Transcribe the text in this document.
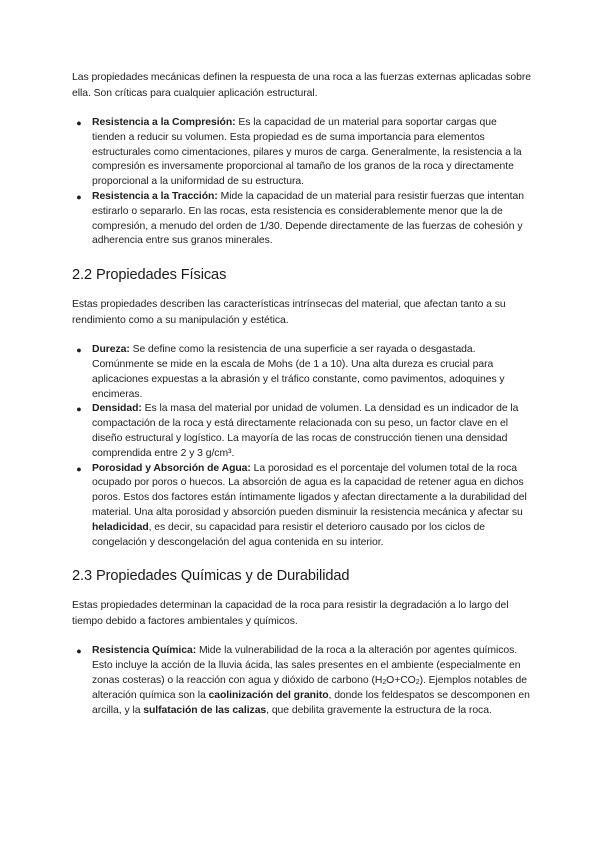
Las propiedades mecánicas definen la respuesta de una roca a las fuerzas externas aplicadas sobre ella. Son críticas para cualquier aplicación estructural.

● Resistencia a la Compresión: Es la capacidad de un material para soportar cargas que tienden a reducir su volumen. Esta propiedad es de suma importancia para elementos estructurales como cimentaciones, pilares y muros de carga. Generalmente, la resistencia a la compresión es inversamente proporcional al tamaño de los granos de la roca y directamente proporcional a la uniformidad de su estructura.
● Resistencia a la Tracción: Mide la capacidad de un material para resistir fuerzas que intentan estirarlo o separarlo. En las rocas, esta resistencia es considerablemente menor que la de compresión, a menudo del orden de 1/30. Depende directamente de las fuerzas de cohesión y adherencia entre sus granos minerales.
2.2 Propiedades Físicas

Estas propiedades describen las características intrínsecas del material, que afectan tanto a su rendimiento como a su manipulación y estética.

● Dureza: Se define como la resistencia de una superficie a ser rayada o desgastada. Comúnmente se mide en la escala de Mohs (de 1 a 10). Una alta dureza es crucial para aplicaciones expuestas a la abrasión y el tráfico constante, como pavimentos, adoquines y encimeras.
● Densidad: Es la masa del material por unidad de volumen. La densidad es un indicador de la compactación de la roca y está directamente relacionada con su peso, un factor clave en el diseño estructural y logístico. La mayoría de las rocas de construcción tienen una densidad comprendida entre 2 y 3 g/cm³.
● Porosidad y Absorción de Agua: La porosidad es el porcentaje del volumen total de la roca ocupado por poros o huecos. La absorción de agua es la capacidad de retener agua en dichos poros. Estos dos factores están íntimamente ligados y afectan directamente a la durabilidad del material. Una alta porosidad y absorción pueden disminuir la resistencia mecánica y afectar su heladicidad, es decir, su capacidad para resistir el deterioro causado por los ciclos de congelación y descongelación del agua contenida en su interior.
2.3 Propiedades Químicas y de Durabilidad

Estas propiedades determinan la capacidad de la roca para resistir la degradación a lo largo del tiempo debido a factores ambientales y químicos.

● Resistencia Química: Mide la vulnerabilidad de la roca a la alteración por agentes químicos. Esto incluye la acción de la lluvia ácida, las sales presentes en el ambiente (especialmente en zonas costeras) o la reacción con agua y dióxido de carbono $(H_2O+CO_2)$. Ejemplos notables de alteración química son la caolinización del granito, donde los feldespatos se descomponen en arcilla, y la sulfatación de las calizas, que debilita gravemente la estructura de la roca.
